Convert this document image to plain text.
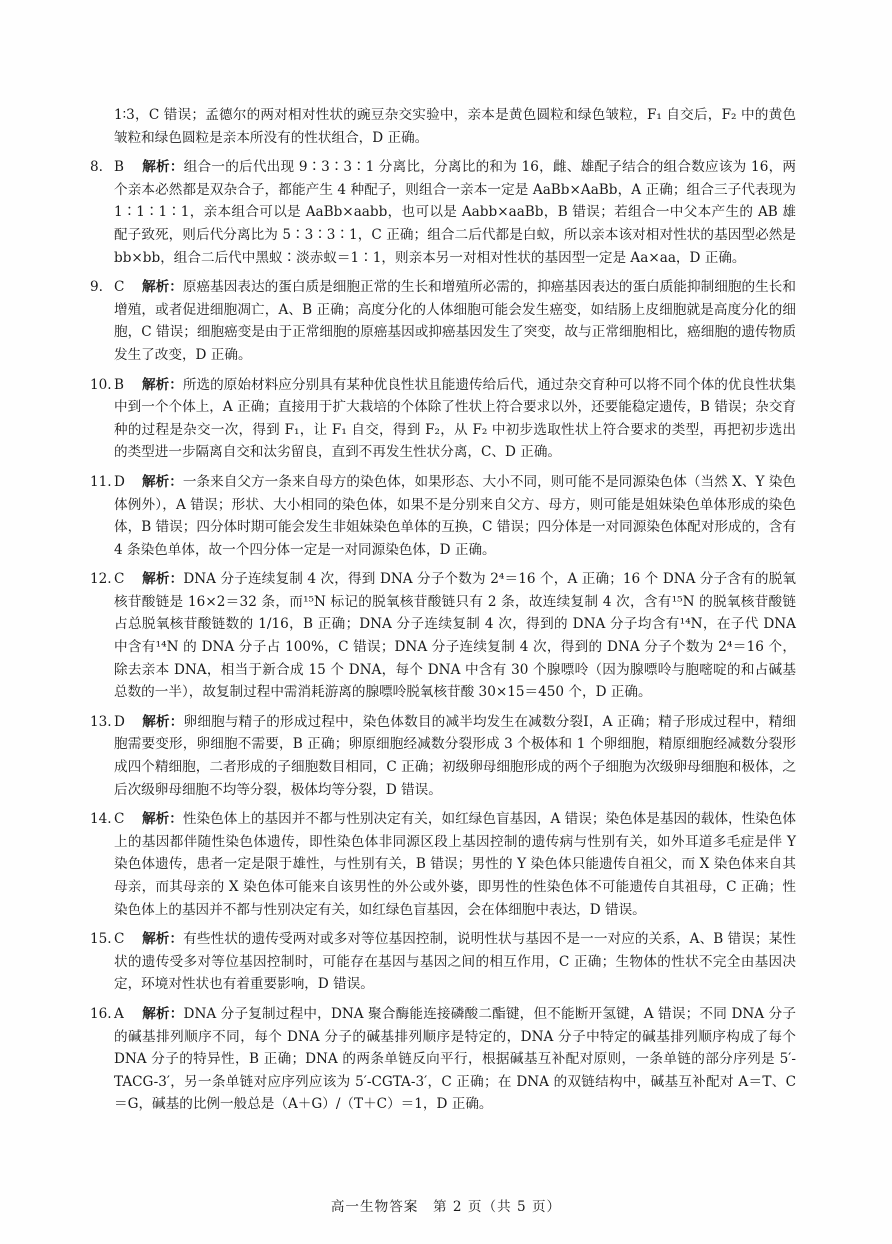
1∶3，C 错误；孟德尔的两对相对性状的豌豆杂交实验中，亲本是黄色圆粒和绿色皱粒，F₁ 自交后，F₂ 中的黄色皱粒和绿色圆粒是亲本所没有的性状组合，D 正确。

8. B 解析：组合一的后代出现 9∶3∶3∶1 分离比，分离比的和为 16，雌、雄配子结合的组合数应该为 16，两个亲本必然都是双杂合子，都能产生 4 种配子，则组合一亲本一定是 AaBb×AaBb，A 正确；组合三子代表现为 1∶1∶1∶1，亲本组合可以是 AaBb×aabb，也可以是 Aabb×aaBb，B 错误；若组合一中父本产生的 AB 雄配子致死，则后代分离比为 5∶3∶3∶1，C 正确；组合二后代都是白蚁，所以亲本该对相对性状的基因型必然是 bb×bb，组合二后代中黑蚁∶淡赤蚁＝1∶1，则亲本另一对相对性状的基因型一定是 Aa×aa，D 正确。
9. C 解析：原癌基因表达的蛋白质是细胞正常的生长和增殖所必需的，抑癌基因表达的蛋白质能抑制细胞的生长和增殖，或者促进细胞凋亡，A、B 正确；高度分化的人体细胞可能会发生癌变，如结肠上皮细胞就是高度分化的细胞，C 错误；细胞癌变是由于正常细胞的原癌基因或抑癌基因发生了突变，故与正常细胞相比，癌细胞的遗传物质发生了改变，D 正确。
10. B 解析：所选的原始材料应分别具有某种优良性状且能遗传给后代，通过杂交育种可以将不同个体的优良性状集中到一个个体上，A 正确；直接用于扩大栽培的个体除了性状上符合要求以外，还要能稳定遗传，B 错误；杂交育种的过程是杂交一次，得到 F₁，让 F₁ 自交，得到 F₂，从 F₂ 中初步选取性状上符合要求的类型，再把初步选出的类型进一步隔离自交和汰劣留良，直到不再发生性状分离，C、D 正确。
11. D 解析：一条来自父方一条来自母方的染色体，如果形态、大小不同，则可能不是同源染色体（当然 X、Y 染色体例外），A 错误；形状、大小相同的染色体，如果不是分别来自父方、母方，则可能是姐妹染色单体形成的染色体，B 错误；四分体时期可能会发生非姐妹染色单体的互换，C 错误；四分体是一对同源染色体配对形成的，含有 4 条染色单体，故一个四分体一定是一对同源染色体，D 正确。
12. C 解析：DNA 分子连续复制 4 次，得到 DNA 分子个数为 2⁴＝16 个，A 正确；16 个 DNA 分子含有的脱氧核苷酸链是 16×2＝32 条，而¹⁵N 标记的脱氧核苷酸链只有 2 条，故连续复制 4 次，含有¹⁵N 的脱氧核苷酸链占总脱氧核苷酸链数的 1/16，B 正确；DNA 分子连续复制 4 次，得到的 DNA 分子均含有¹⁴N，在子代 DNA 中含有¹⁴N 的 DNA 分子占 100%，C 错误；DNA 分子连续复制 4 次，得到的 DNA 分子个数为 2⁴＝16 个，除去亲本 DNA，相当于新合成 15 个 DNA，每个 DNA 中含有 30 个腺嘌呤（因为腺嘌呤与胞嘧啶的和占碱基总数的一半），故复制过程中需消耗游离的腺嘌呤脱氧核苷酸 30×15＝450 个，D 正确。
13. D 解析：卵细胞与精子的形成过程中，染色体数目的减半均发生在减数分裂Ⅰ，A 正确；精子形成过程中，精细胞需要变形，卵细胞不需要，B 正确；卵原细胞经减数分裂形成 3 个极体和 1 个卵细胞，精原细胞经减数分裂形成四个精细胞，二者形成的子细胞数目相同，C 正确；初级卵母细胞形成的两个子细胞为次级卵母细胞和极体，之后次级卵母细胞不均等分裂，极体均等分裂，D 错误。
14. C 解析：性染色体上的基因并不都与性别决定有关，如红绿色盲基因，A 错误；染色体是基因的载体，性染色体上的基因都伴随性染色体遗传，即性染色体非同源区段上基因控制的遗传病与性别有关，如外耳道多毛症是伴 Y 染色体遗传，患者一定是限于雄性，与性别有关，B 错误；男性的 Y 染色体只能遗传自祖父，而 X 染色体来自其母亲，而其母亲的 X 染色体可能来自该男性的外公或外婆，即男性的性染色体不可能遗传自其祖母，C 正确；性染色体上的基因并不都与性别决定有关，如红绿色盲基因，会在体细胞中表达，D 错误。
15. C 解析：有些性状的遗传受两对或多对等位基因控制，说明性状与基因不是一一对应的关系，A、B 错误；某性状的遗传受多对等位基因控制时，可能存在基因与基因之间的相互作用，C 正确；生物体的性状不完全由基因决定，环境对性状也有着重要影响，D 错误。
16. A 解析：DNA 分子复制过程中，DNA 聚合酶能连接磷酸二酯键，但不能断开氢键，A 错误；不同 DNA 分子的碱基排列顺序不同，每个 DNA 分子的碱基排列顺序是特定的，DNA 分子中特定的碱基排列顺序构成了每个 DNA 分子的特异性，B 正确；DNA 的两条单链反向平行，根据碱基互补配对原则，一条单链的部分序列是 5′-TACG-3′，另一条单链对应序列应该为 5′-CGTA-3′，C 正确；在 DNA 的双链结构中，碱基互补配对 A＝T、C＝G，碱基的比例一般总是（A＋G）/（T＋C）＝1，D 正确。
高一生物答案　第 2 页（共 5 页）
